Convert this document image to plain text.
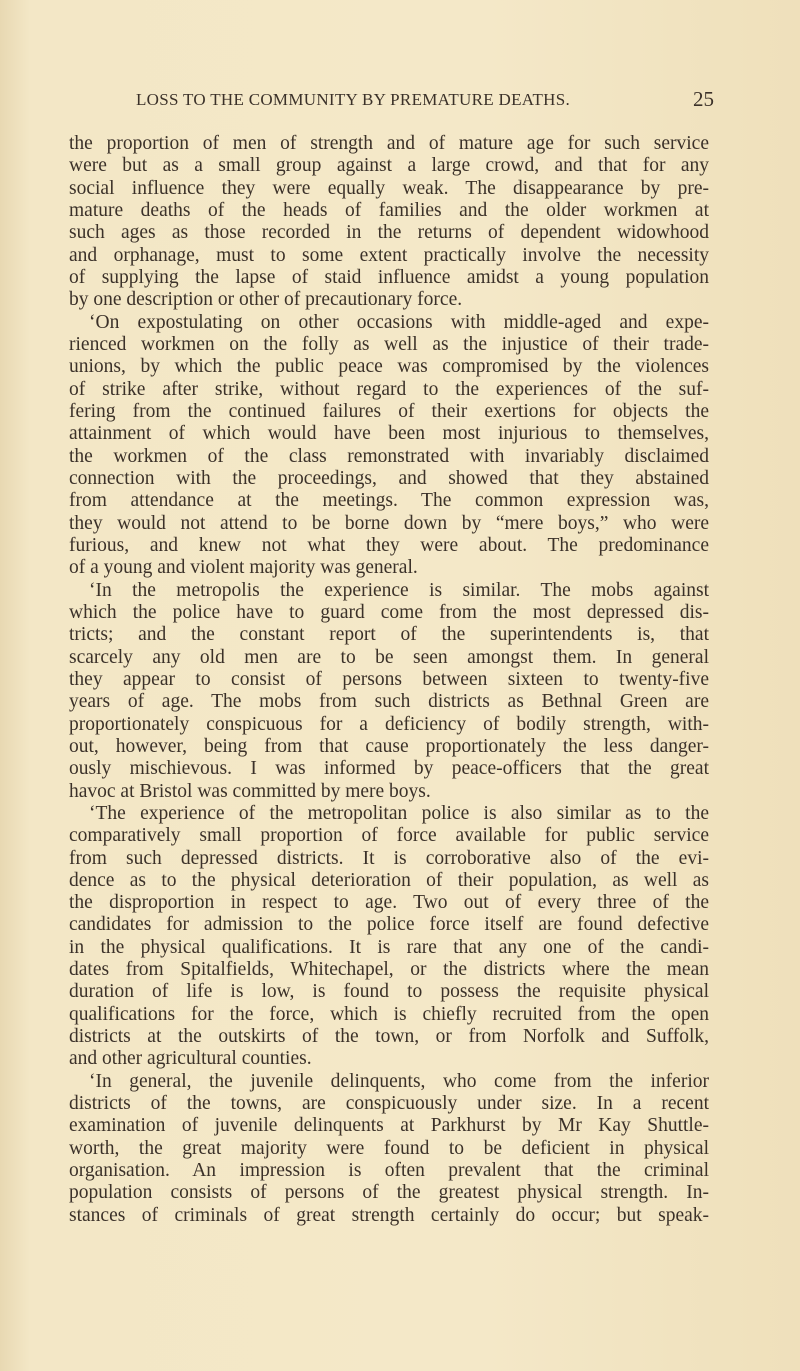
LOSS TO THE COMMUNITY BY PREMATURE DEATHS.	25
the proportion of men of strength and of mature age for such service
were but as a small group against a large crowd, and that for any
social influence they were equally weak. The disappearance by pre-
mature deaths of the heads of families and the older workmen at
such ages as those recorded in the returns of dependent widowhood
and orphanage, must to some extent practically involve the necessity
of supplying the lapse of staid influence amidst a young population
by one description or other of precautionary force.
‘On expostulating on other occasions with middle-aged and expe-
rienced workmen on the folly as well as the injustice of their trade-
unions, by which the public peace was compromised by the violences
of strike after strike, without regard to the experiences of the suf-
fering from the continued failures of their exertions for objects the
attainment of which would have been most injurious to themselves,
the workmen of the class remonstrated with invariably disclaimed
connection with the proceedings, and showed that they abstained
from attendance at the meetings. The common expression was,
they would not attend to be borne down by “mere boys,” who were
furious, and knew not what they were about. The predominance
of a young and violent majority was general.
‘In the metropolis the experience is similar. The mobs against
which the police have to guard come from the most depressed dis-
tricts; and the constant report of the superintendents is, that
scarcely any old men are to be seen amongst them. In general
they appear to consist of persons between sixteen to twenty-five
years of age. The mobs from such districts as Bethnal Green are
proportionately conspicuous for a deficiency of bodily strength, with-
out, however, being from that cause proportionately the less danger-
ously mischievous. I was informed by peace-officers that the great
havoc at Bristol was committed by mere boys.
‘The experience of the metropolitan police is also similar as to the
comparatively small proportion of force available for public service
from such depressed districts. It is corroborative also of the evi-
dence as to the physical deterioration of their population, as well as
the disproportion in respect to age. Two out of every three of the
candidates for admission to the police force itself are found defective
in the physical qualifications. It is rare that any one of the candi-
dates from Spitalfields, Whitechapel, or the districts where the mean
duration of life is low, is found to possess the requisite physical
qualifications for the force, which is chiefly recruited from the open
districts at the outskirts of the town, or from Norfolk and Suffolk,
and other agricultural counties.
‘In general, the juvenile delinquents, who come from the inferior
districts of the towns, are conspicuously under size. In a recent
examination of juvenile delinquents at Parkhurst by Mr Kay Shuttle-
worth, the great majority were found to be deficient in physical
organisation. An impression is often prevalent that the criminal
population consists of persons of the greatest physical strength. In-
stances of criminals of great strength certainly do occur; but speak-
